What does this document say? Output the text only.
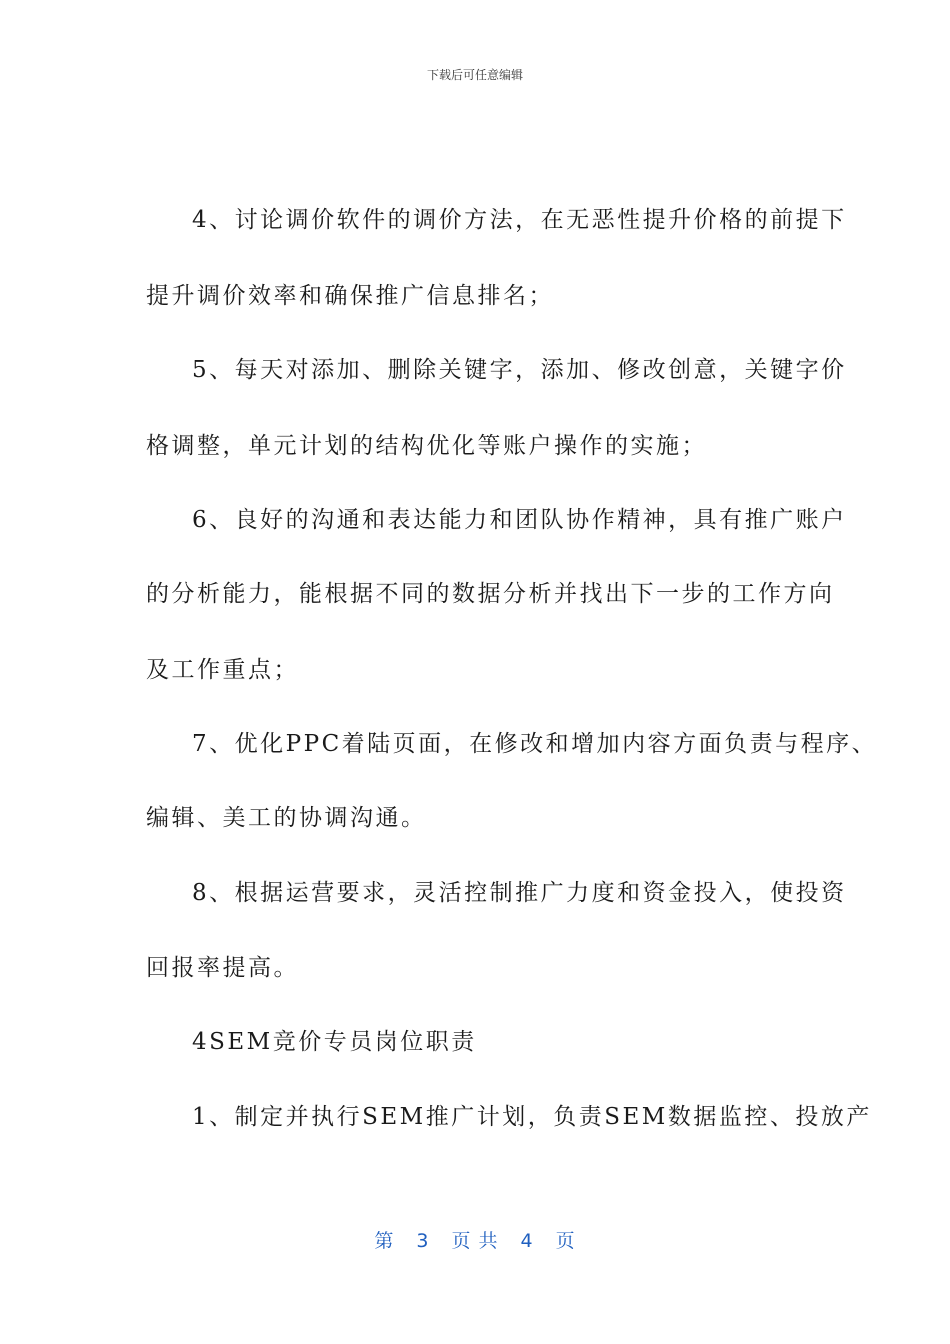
下载后可任意编辑
4、讨论调价软件的调价方法，在无恶性提升价格的前提下
提升调价效率和确保推广信息排名；
5、每天对添加、删除关键字，添加、修改创意，关键字价
格调整，单元计划的结构优化等账户操作的实施；
6、良好的沟通和表达能力和团队协作精神，具有推广账户
的分析能力，能根据不同的数据分析并找出下一步的工作方向
及工作重点；
7、优化PPC着陆页面，在修改和增加内容方面负责与程序、
编辑、美工的协调沟通。
8、根据运营要求，灵活控制推广力度和资金投入，使投资
回报率提高。
4SEM竞价专员岗位职责
1、制定并执行SEM推广计划，负责SEM数据监控、投放产
第 3 页 共 4 页
